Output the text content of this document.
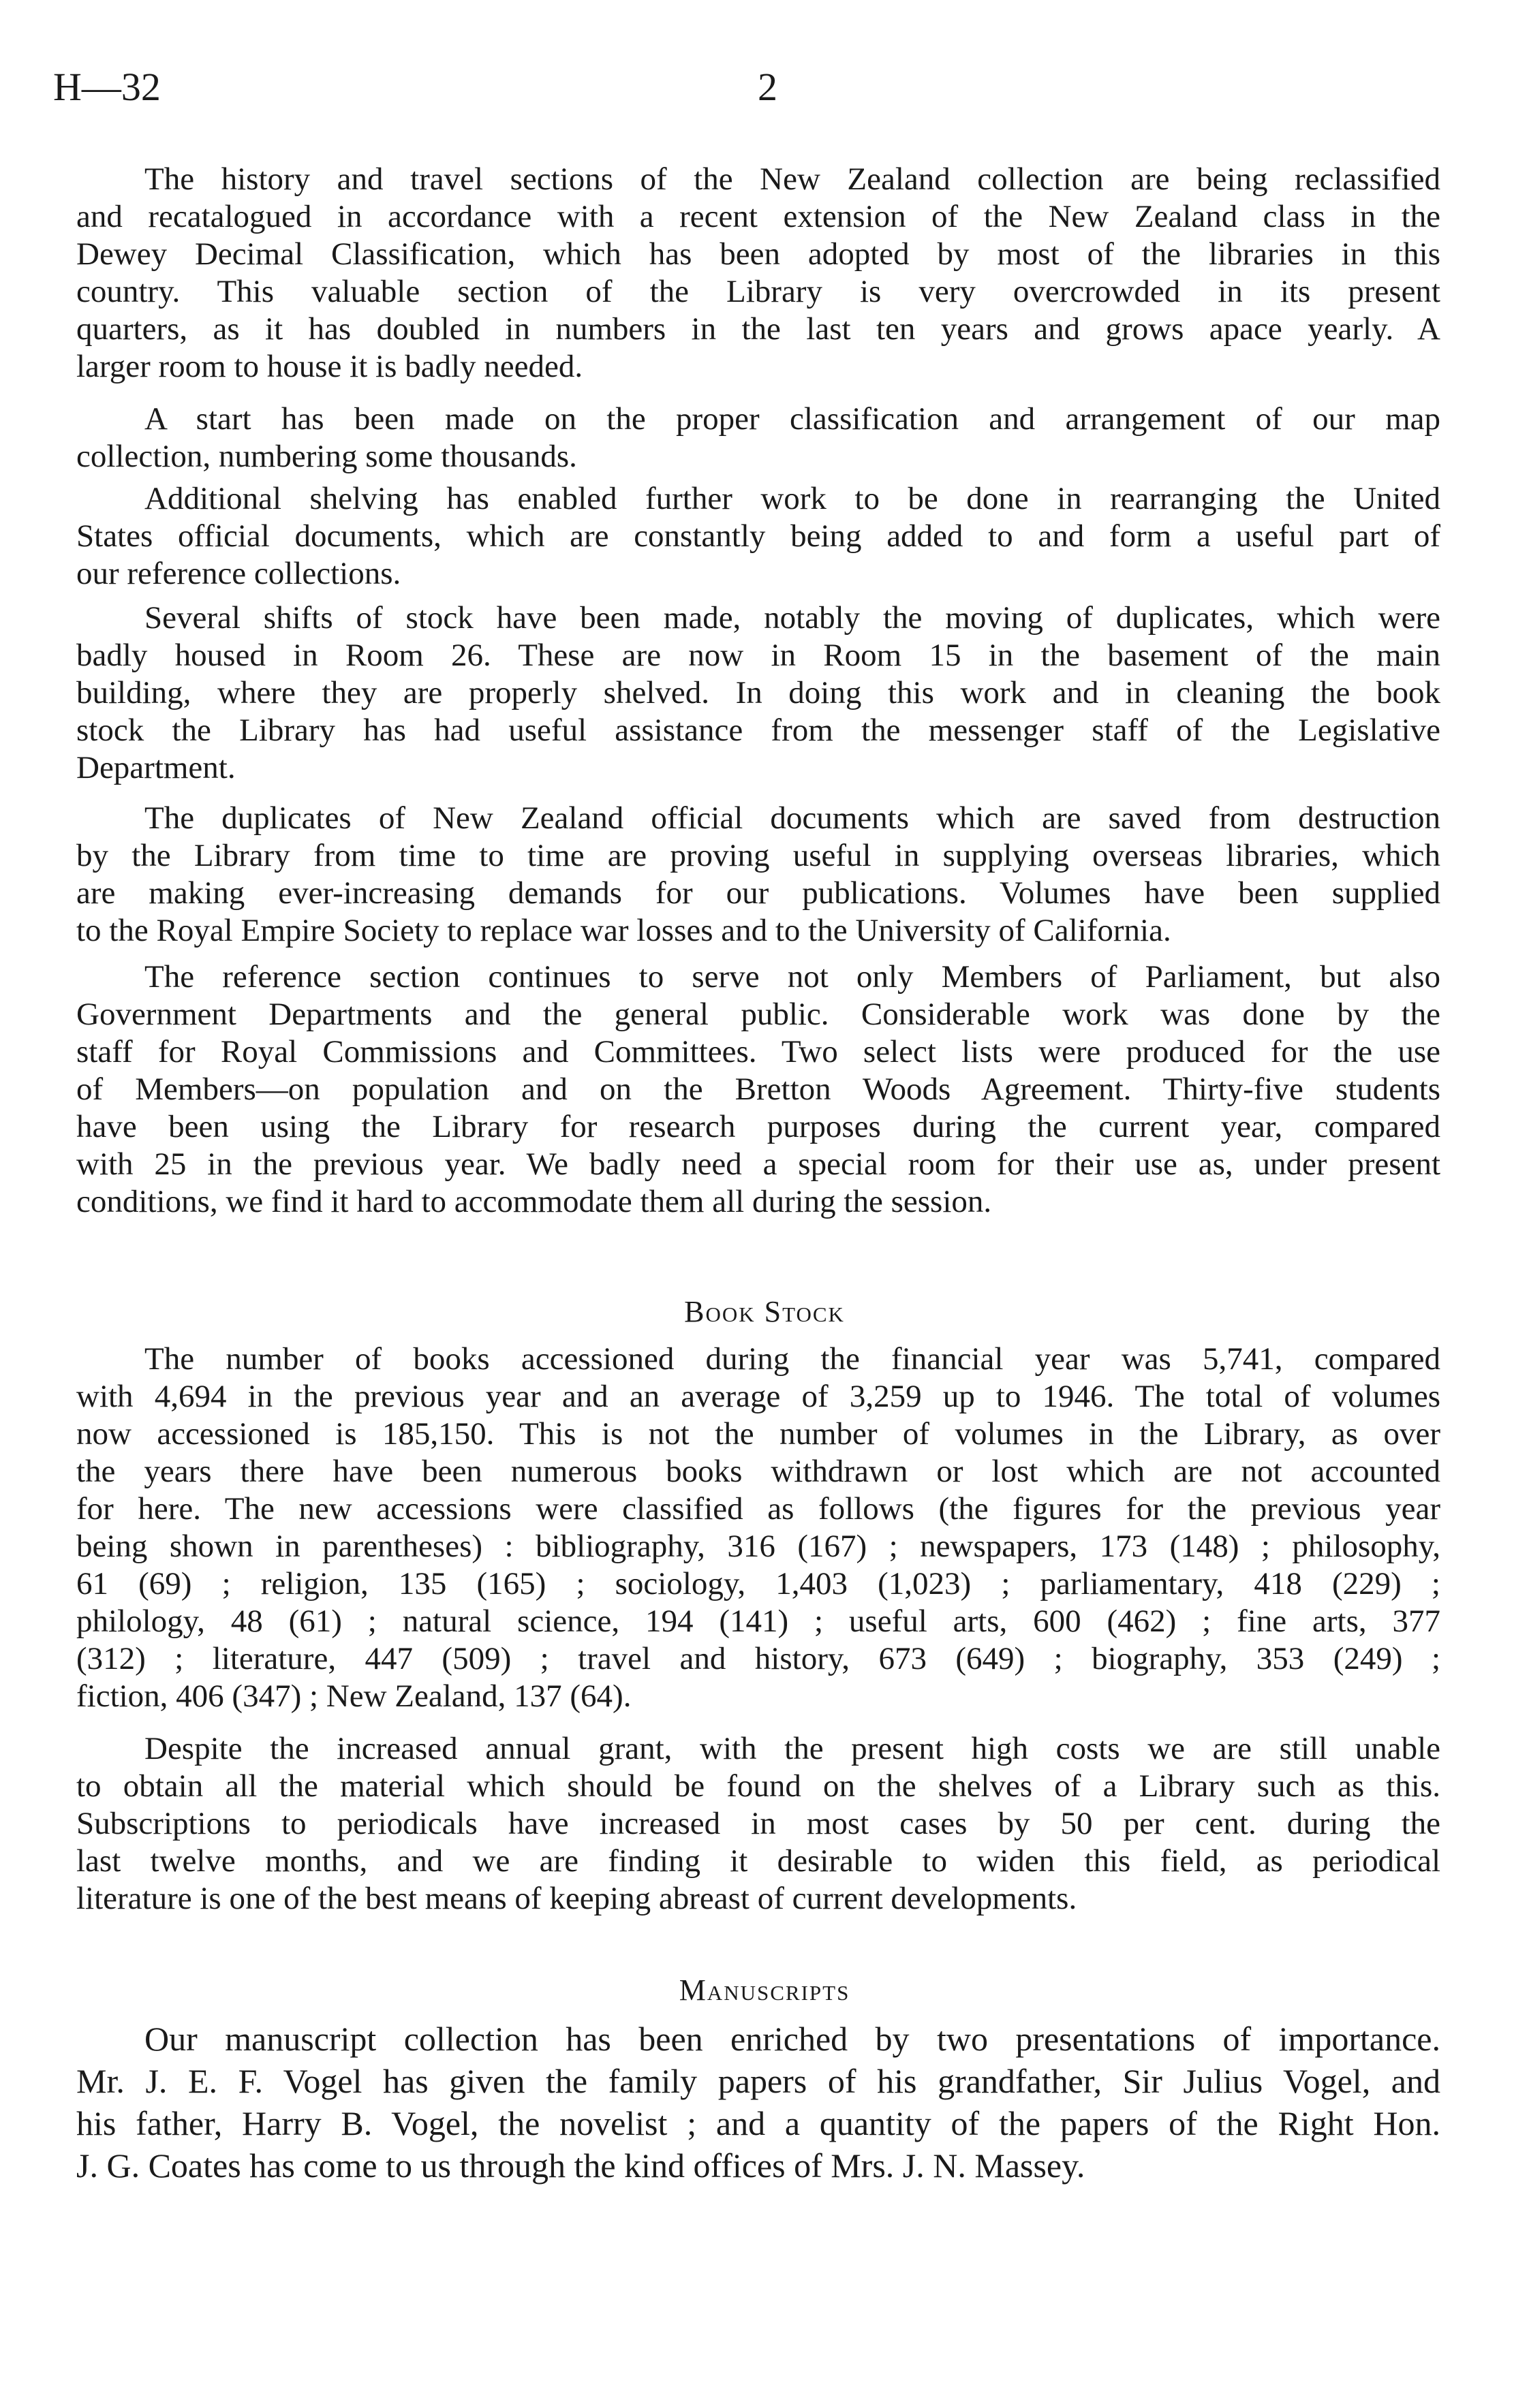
H—32	2
The history and travel sections of the New Zealand collection are being reclassified
and recatalogued in accordance with a recent extension of the New Zealand class in the
Dewey Decimal Classification, which has been adopted by most of the libraries in this
country. This valuable section of the Library is very overcrowded in its present
quarters, as it has doubled in numbers in the last ten years and grows apace yearly. A
larger room to house it is badly needed.
A start has been made on the proper classification and arrangement of our map
collection, numbering some thousands.
Additional shelving has enabled further work to be done in rearranging the United
States official documents, which are constantly being added to and form a useful part of
our reference collections.
Several shifts of stock have been made, notably the moving of duplicates, which were
badly housed in Room 26. These are now in Room 15 in the basement of the main
building, where they are properly shelved. In doing this work and in cleaning the book
stock the Library has had useful assistance from the messenger staff of the Legislative
Department.
The duplicates of New Zealand official documents which are saved from destruction
by the Library from time to time are proving useful in supplying overseas libraries, which
are making ever-increasing demands for our publications. Volumes have been supplied
to the Royal Empire Society to replace war losses and to the University of California.
The reference section continues to serve not only Members of Parliament, but also
Government Departments and the general public. Considerable work was done by the
staff for Royal Commissions and Committees. Two select lists were produced for the use
of Members—on population and on the Bretton Woods Agreement. Thirty-five students
have been using the Library for research purposes during the current year, compared
with 25 in the previous year. We badly need a special room for their use as, under present
conditions, we find it hard to accommodate them all during the session.
Book Stock
The number of books accessioned during the financial year was 5,741, compared
with 4,694 in the previous year and an average of 3,259 up to 1946. The total of volumes
now accessioned is 185,150. This is not the number of volumes in the Library, as over
the years there have been numerous books withdrawn or lost which are not accounted
for here. The new accessions were classified as follows (the figures for the previous year
being shown in parentheses) : bibliography, 316 (167) ; newspapers, 173 (148) ; philosophy,
61 (69) ; religion, 135 (165) ; sociology, 1,403 (1,023) ; parliamentary, 418 (229) ;
philology, 48 (61) ; natural science, 194 (141) ; useful arts, 600 (462) ; fine arts, 377
(312) ; literature, 447 (509) ; travel and history, 673 (649) ; biography, 353 (249) ;
fiction, 406 (347) ; New Zealand, 137 (64).
Despite the increased annual grant, with the present high costs we are still unable
to obtain all the material which should be found on the shelves of a Library such as this.
Subscriptions to periodicals have increased in most cases by 50 per cent. during the
last twelve months, and we are finding it desirable to widen this field, as periodical
literature is one of the best means of keeping abreast of current developments.
Manuscripts
Our manuscript collection has been enriched by two presentations of importance.
Mr. J. E. F. Vogel has given the family papers of his grandfather, Sir Julius Vogel, and
his father, Harry B. Vogel, the novelist ; and a quantity of the papers of the Right Hon.
J. G. Coates has come to us through the kind offices of Mrs. J. N. Massey.
